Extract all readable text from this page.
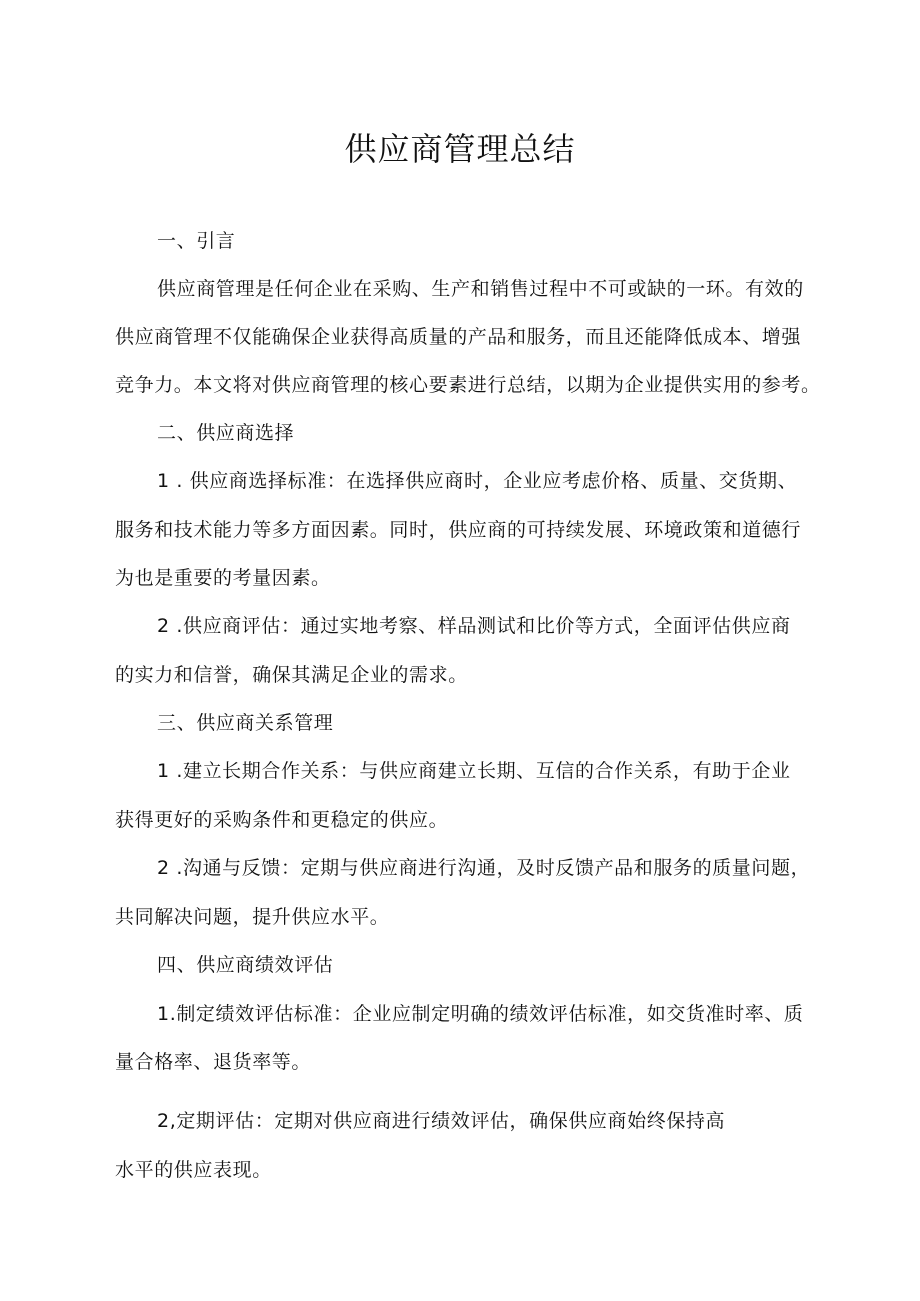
供应商管理总结

一、引言

供应商管理是任何企业在采购、生产和销售过程中不可或缺的一环。有效的

供应商管理不仅能确保企业获得高质量的产品和服务，而且还能降低成本、增强

竞争力。本文将对供应商管理的核心要素进行总结，以期为企业提供实用的参考。

二、供应商选择

1 . 供应商选择标准：在选择供应商时，企业应考虑价格、质量、交货期、

服务和技术能力等多方面因素。同时，供应商的可持续发展、环境政策和道德行

为也是重要的考量因素。

2 .供应商评估：通过实地考察、样品测试和比价等方式，全面评估供应商

的实力和信誉，确保其满足企业的需求。

三、供应商关系管理

1 .建立长期合作关系：与供应商建立长期、互信的合作关系，有助于企业

获得更好的采购条件和更稳定的供应。

2 .沟通与反馈：定期与供应商进行沟通，及时反馈产品和服务的质量问题，

共同解决问题，提升供应水平。

四、供应商绩效评估

1.制定绩效评估标准：企业应制定明确的绩效评估标准，如交货准时率、质

量合格率、退货率等。

2,定期评估：定期对供应商进行绩效评估，确保供应商始终保持高

水平的供应表现。
